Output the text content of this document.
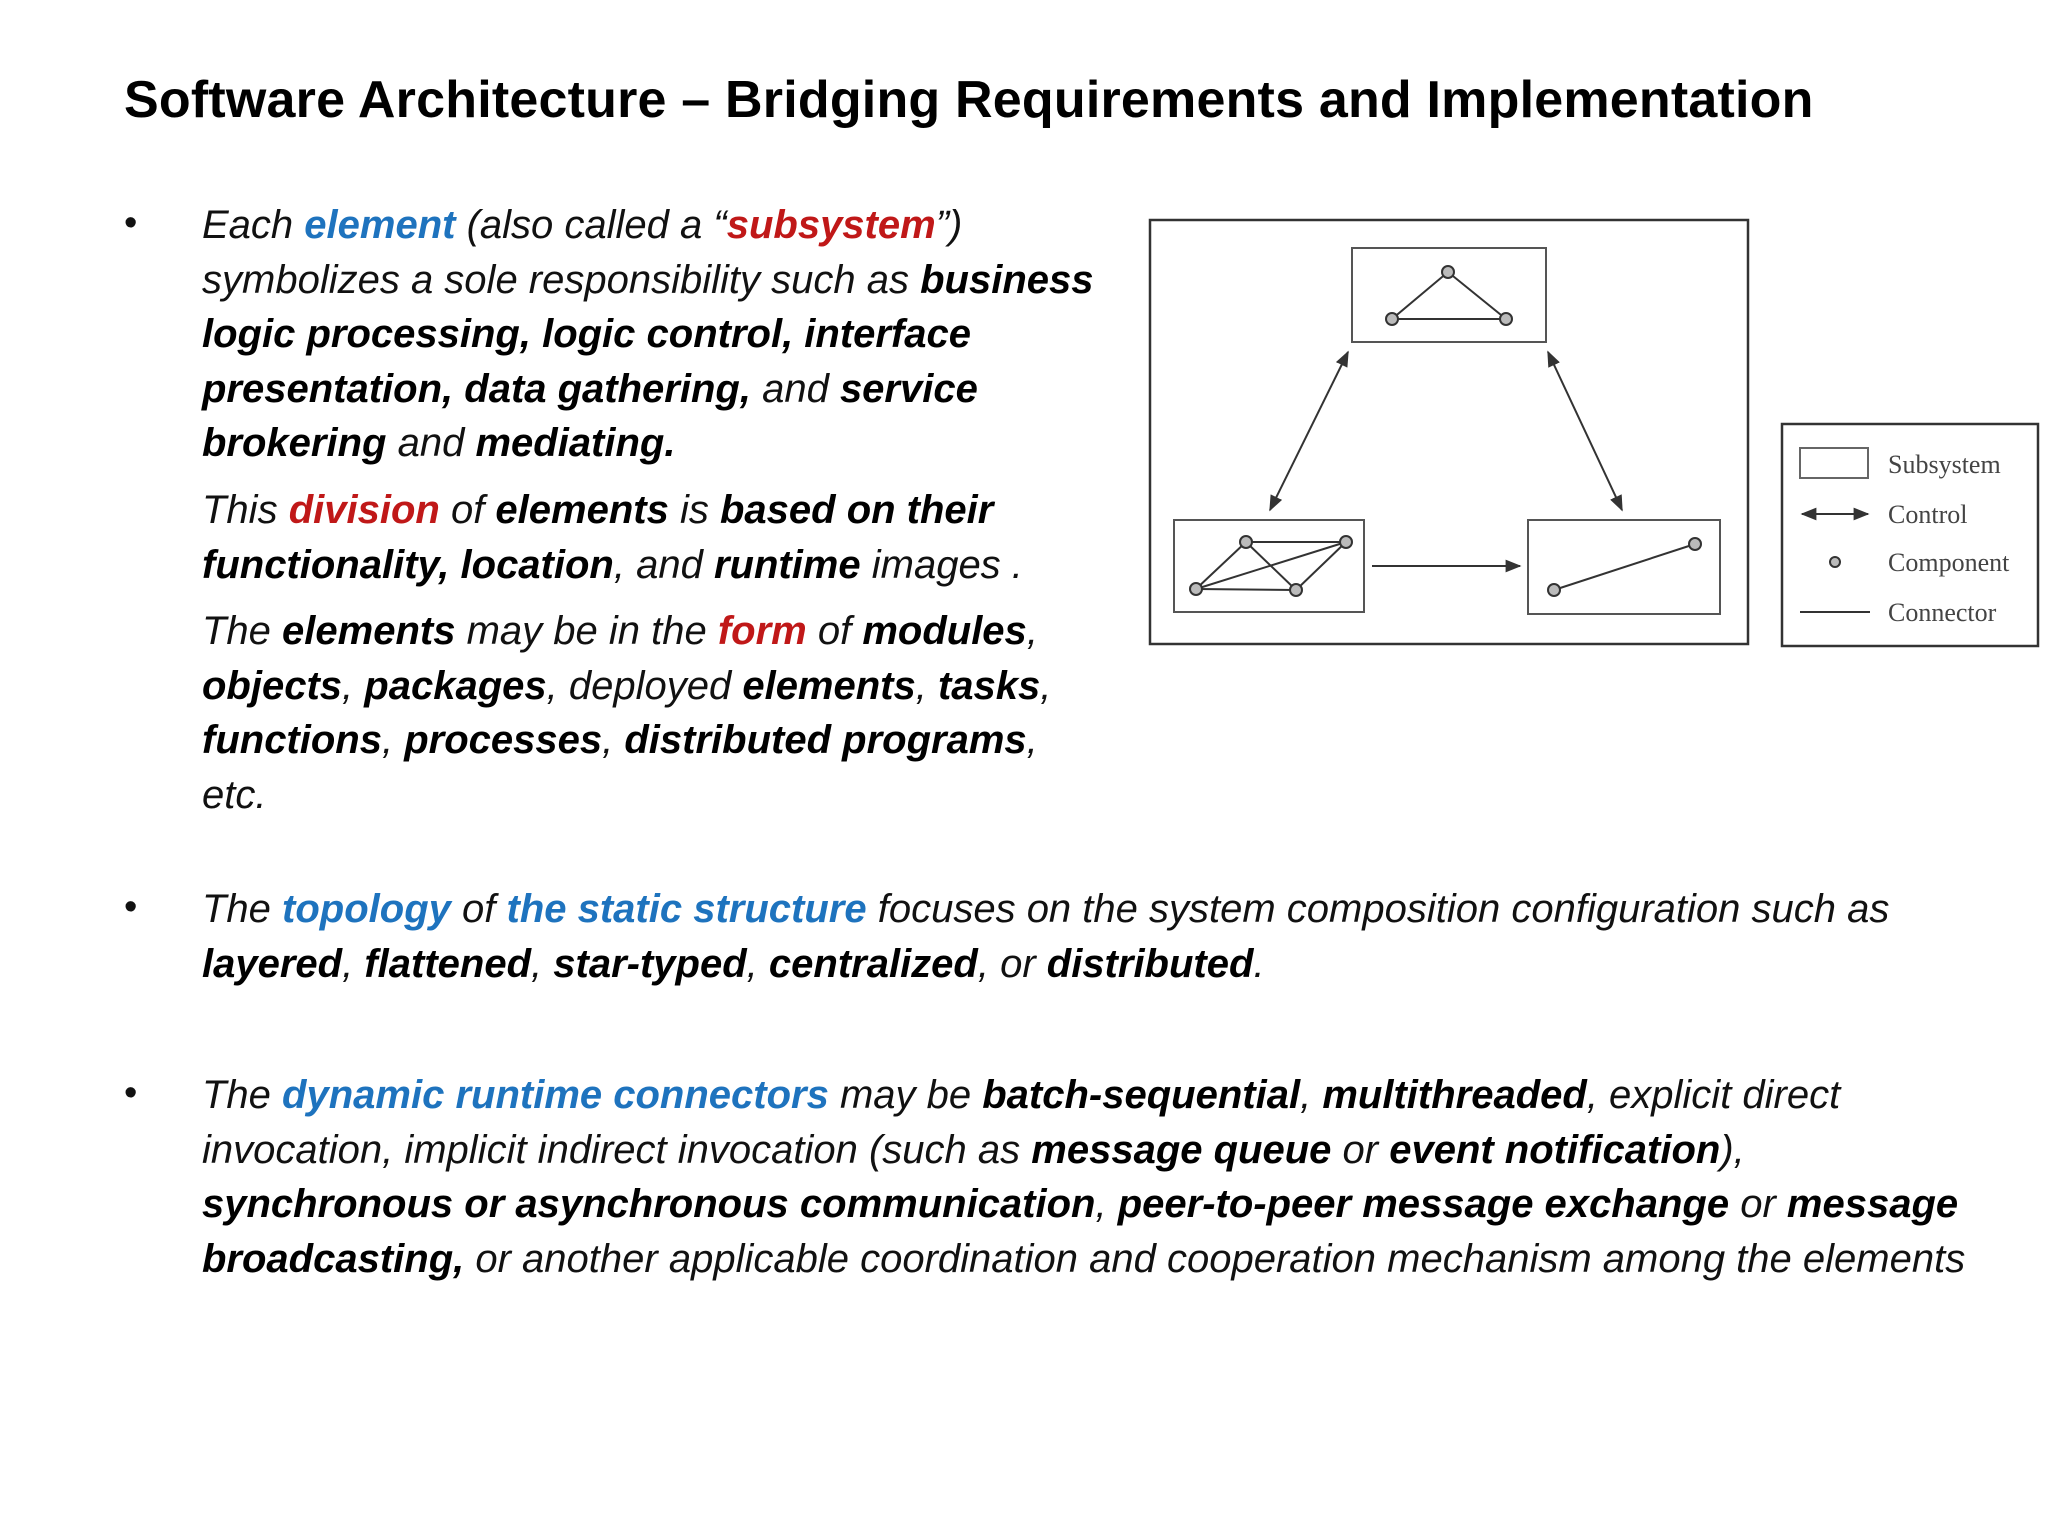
Software Architecture – Bridging Requirements and Implementation
• Each element (also called a “subsystem”) symbolizes a sole responsibility such as business logic processing, logic control, interface presentation, data gathering, and service brokering and mediating.
This division of elements is based on their functionality, location, and runtime images .
The elements may be in the form of modules, objects, packages, deployed elements, tasks, functions, processes, distributed programs, etc.
• The topology of the static structure focuses on the system composition configuration such as layered, flattened, star-typed, centralized, or distributed.
• The dynamic runtime connectors may be batch-sequential, multithreaded, explicit direct invocation, implicit indirect invocation (such as message queue or event notification), synchronous or asynchronous communication, peer-to-peer message exchange or message broadcasting, or another applicable coordination and cooperation mechanism among the elements
Subsystem
Control
Component
Connector
